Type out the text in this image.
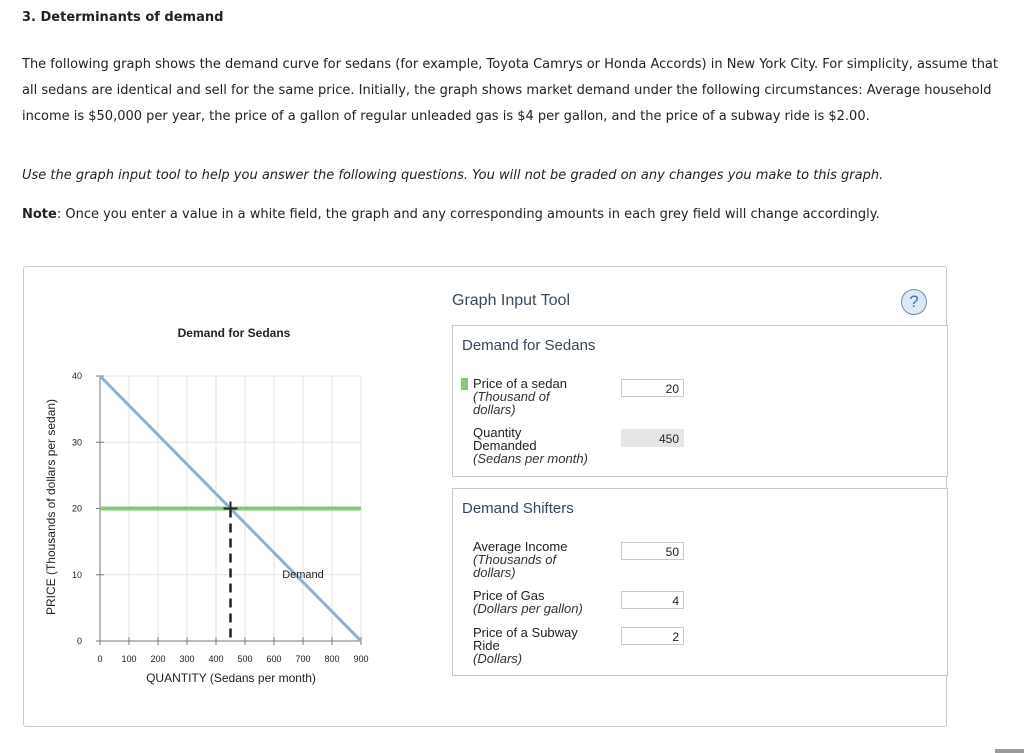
3. Determinants of demand
The following graph shows the demand curve for sedans (for example, Toyota Camrys or Honda Accords) in New York City. For simplicity, assume that all sedans are identical and sell for the same price. Initially, the graph shows market demand under the following circumstances: Average household income is $50,000 per year, the price of a gallon of regular unleaded gas is $4 per gallon, and the price of a subway ride is $2.00.
Use the graph input tool to help you answer the following questions. You will not be graded on any changes you make to this graph.
Note: Once you enter a value in a white field, the graph and any corresponding amounts in each grey field will change accordingly.
Demand for Sedans
PRICE (Thousands of dollars per sedan)
QUANTITY (Sedans per month)
0
10
20
30
40
0 100 200 300 400 500 600 700 800 900
Demand
Graph Input Tool	?
Demand for Sedans
Price of a sedan
(Thousand of dollars)
20
Quantity Demanded
(Sedans per month)
450
Demand Shifters
Average Income
(Thousands of dollars)
50
Price of Gas
(Dollars per gallon)	4
Price of a Subway Ride
(Dollars)
2
